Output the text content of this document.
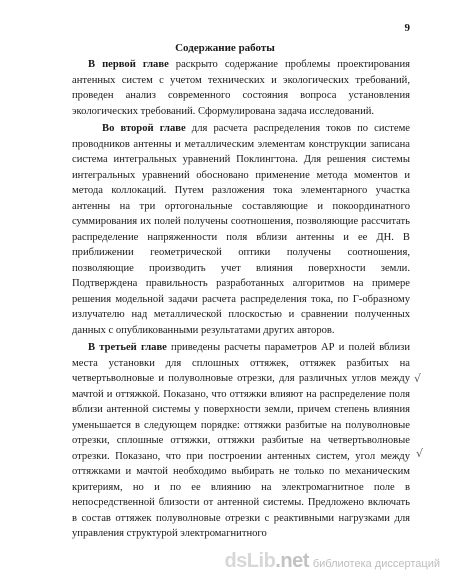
9
Содержание работы

В первой главе раскрыто содержание проблемы проектирования антенных систем с учетом технических и экологических требований, проведен анализ современного состояния вопроса установления экологических требований. Сформулирована задача исследований.

Во второй главе для расчета распределения токов по системе проводников антенны и металлическим элементам конструкции записана система интегральных уравнений Поклингтона. Для решения системы интегральных уравнений обосновано применение метода моментов и метода коллокаций. Путем разложения тока элементарного участка антенны на три ортогональные составляющие и покоординатного суммирования их полей получены соотношения, позволяющие рассчитать распределение напряженности поля вблизи антенны и ее ДН. В приближении геометрической оптики получены соотношения, позволяющие производить учет влияния поверхности земли. Подтверждена правильность разработанных алгоритмов на примере решения модельной задачи расчета распределения тока, по Г-образному излучателю над металлической плоскостью и сравнении полученных данных с опубликованными результатами других авторов.

В третьей главе приведены расчеты параметров АР и полей вблизи места установки для сплошных оттяжек, оттяжек разбитых на четвертьволновые и полуволновые отрезки, для различных углов между мачтой и оттяжкой. Показано, что оттяжки влияют на распределение поля вблизи антенной системы у поверхности земли, причем степень влияния уменьшается в следующем порядке: оттяжки разбитые на полуволновые отрезки, сплошные оттяжки, оттяжки разбитые на четвертьволновые отрезки. Показано, что при построении антенных систем, угол между оттяжками и мачтой необходимо выбирать не только по механическим критериям, но и по ее влиянию на электромагнитное поле в непосредственной близости от антенной системы. Предложено включать в состав оттяжек полуволновые отрезки с реактивными нагрузками для управления структурой электромагнитного

√
√
dsLib.net библиотека диссертаций
